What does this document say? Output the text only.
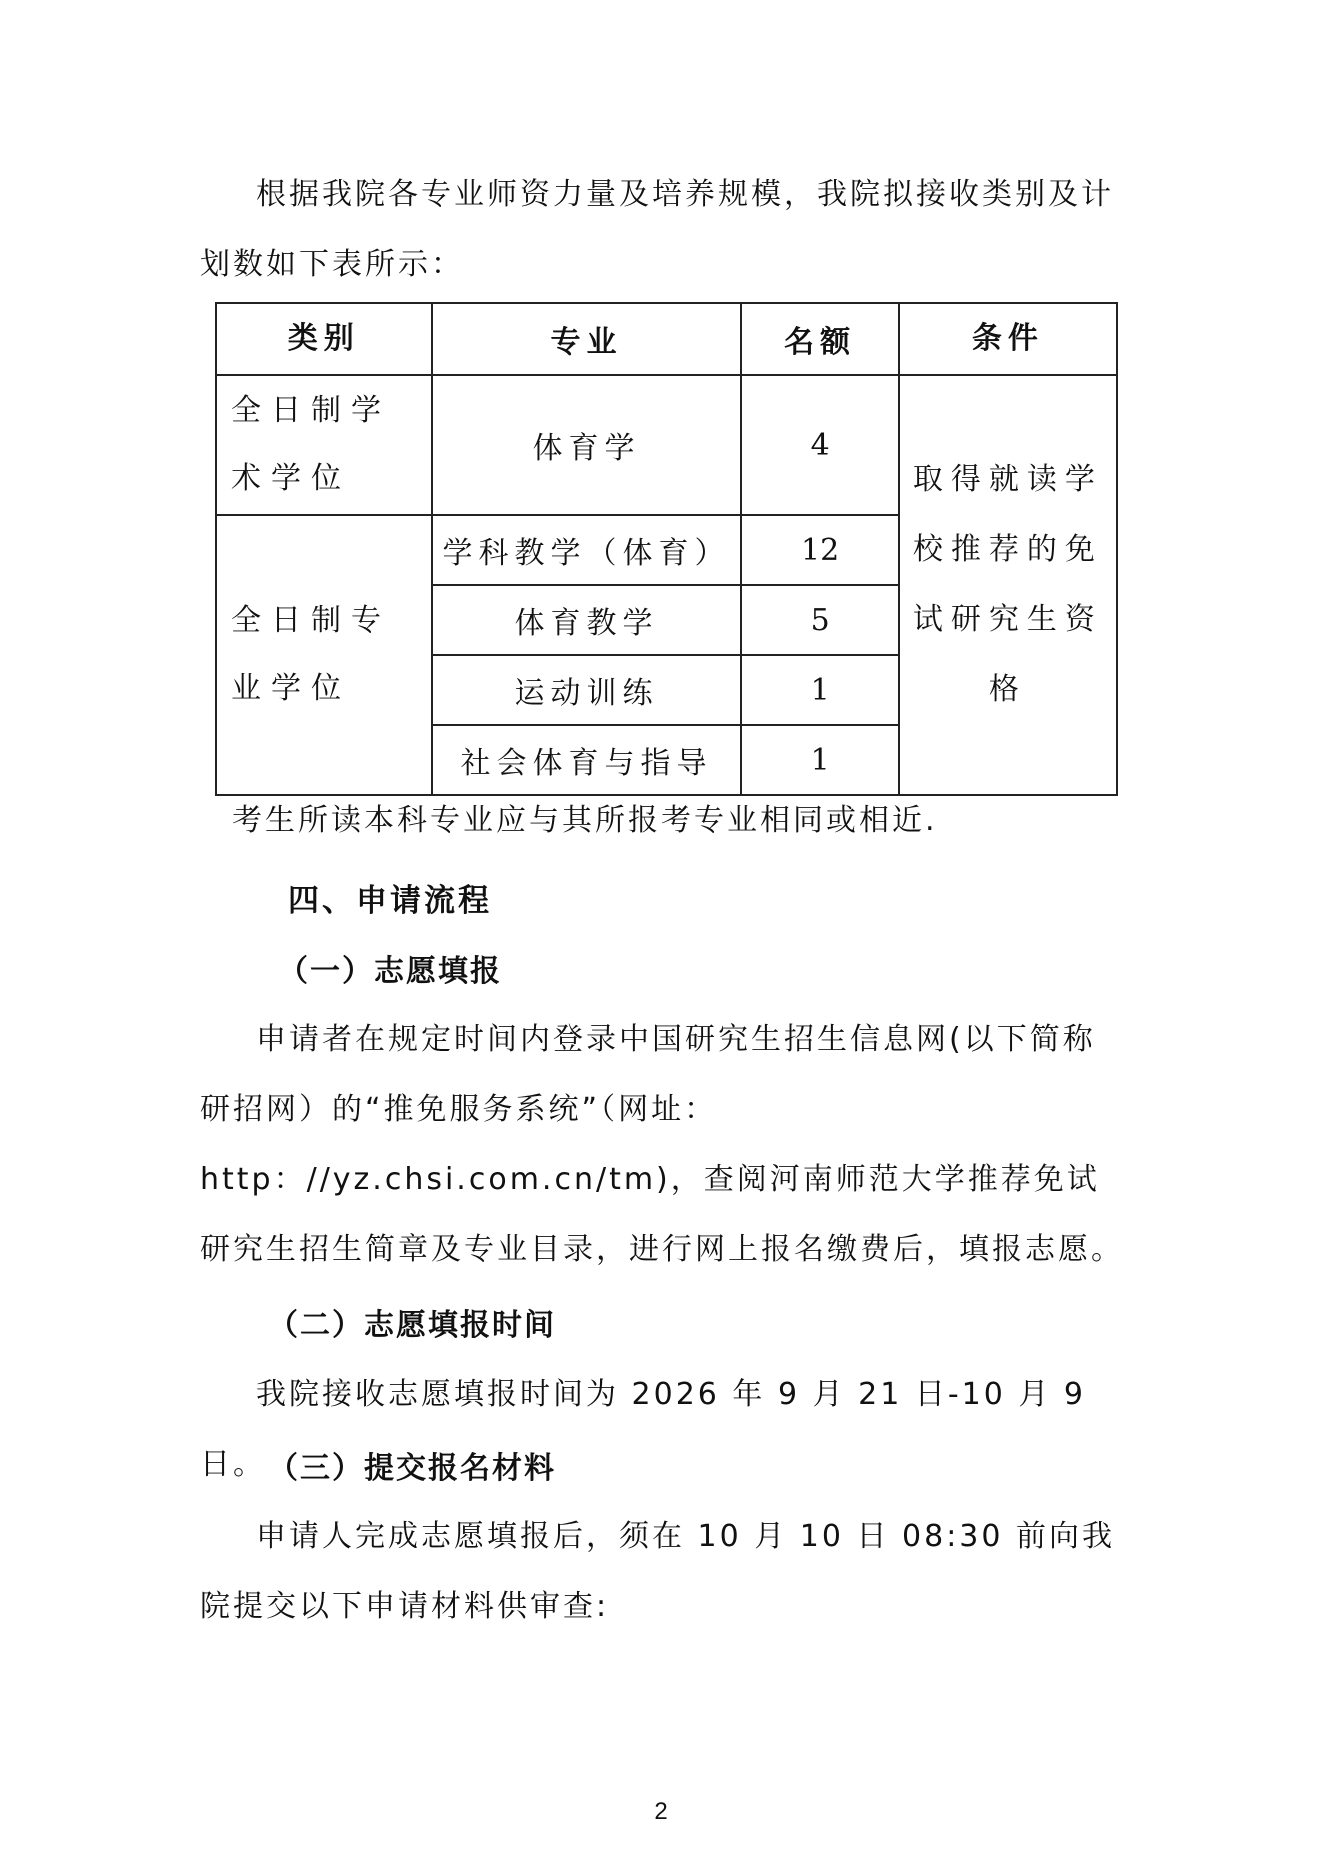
根据我院各专业师资力量及培养规模，我院拟接收类别及计划数如下表所示：

类别	专业	名额	条件
全日制学术学位	体育学	4	取得就读学校推荐的免试研究生资格
全日制专业学位	学科教学（体育）	12	
	体育教学	5	
	运动训练	1	
	社会体育与指导	1	

考生所读本科专业应与其所报考专业相同或相近.

四、申请流程
（一）志愿填报

申请者在规定时间内登录中国研究生招生信息网(以下简称研招网）的“推免服务系统”（网址：http：//yz.chsi.com.cn/tm)，查阅河南师范大学推荐免试研究生招生简章及专业目录，进行网上报名缴费后，填报志愿。

（二）志愿填报时间

我院接收志愿填报时间为 2026 年 9 月 21 日-10 月 9 日。 （三）提交报名材料

申请人完成志愿填报后，须在 10 月 10 日 08:30 前向我院提交以下申请材料供审查:

2
